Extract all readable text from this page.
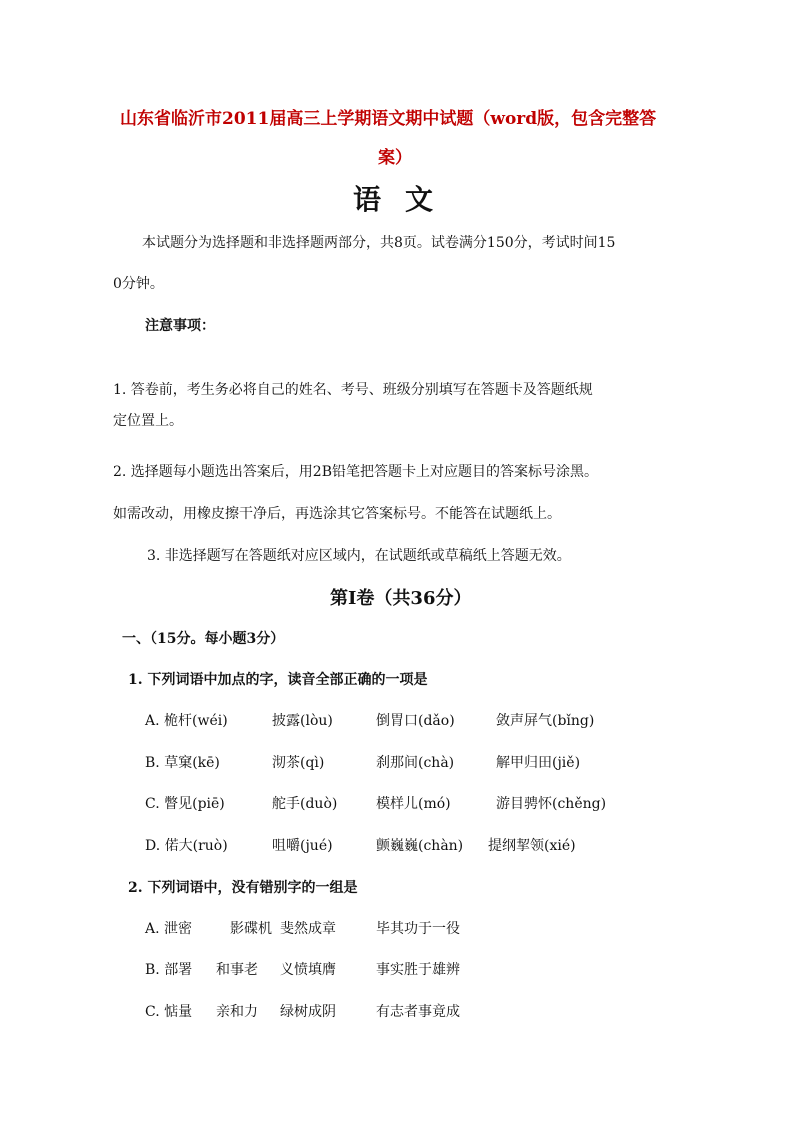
山东省临沂市2011届高三上学期语文期中试题（word版，包含完整答
案）
语文
本试题分为选择题和非选择题两部分，共8页。试卷满分150分，考试时间15
0分钟。
注意事项：
1. 答卷前，考生务必将自己的姓名、考号、班级分别填写在答题卡及答题纸规
定位置上。
2. 选择题每小题选出答案后，用2B铅笔把答题卡上对应题目的答案标号涂黑。
如需改动，用橡皮擦干净后，再选涂其它答案标号。不能答在试题纸上。
3. 非选择题写在答题纸对应区域内，在试题纸或草稿纸上答题无效。
第I卷（共36分）
一、（15分。每小题3分）
1. 下列词语中加点的字，读音全部正确的一项是
A. 桅杆(wéi)	披露(lòu)	倒胃口(dǎo)	敛声屏气(bǐng)
B. 草窠(kē)	沏茶(qì)	刹那间(chà)	解甲归田(jiě)
C. 瞥见(piē)	舵手(duò)	模样儿(mó)	游目骋怀(chěng)
D. 偌大(ruò)	咀嚼(jué)	颤巍巍(chàn) 提纲挈领(xié)
2. 下列词语中，没有错别字的一组是
A. 泄密	影碟机 斐然成章	毕其功于一役
B. 部署 和事老 义愤填膺	事实胜于雄辨
C. 惦量 亲和力 绿树成阴	有志者事竟成
